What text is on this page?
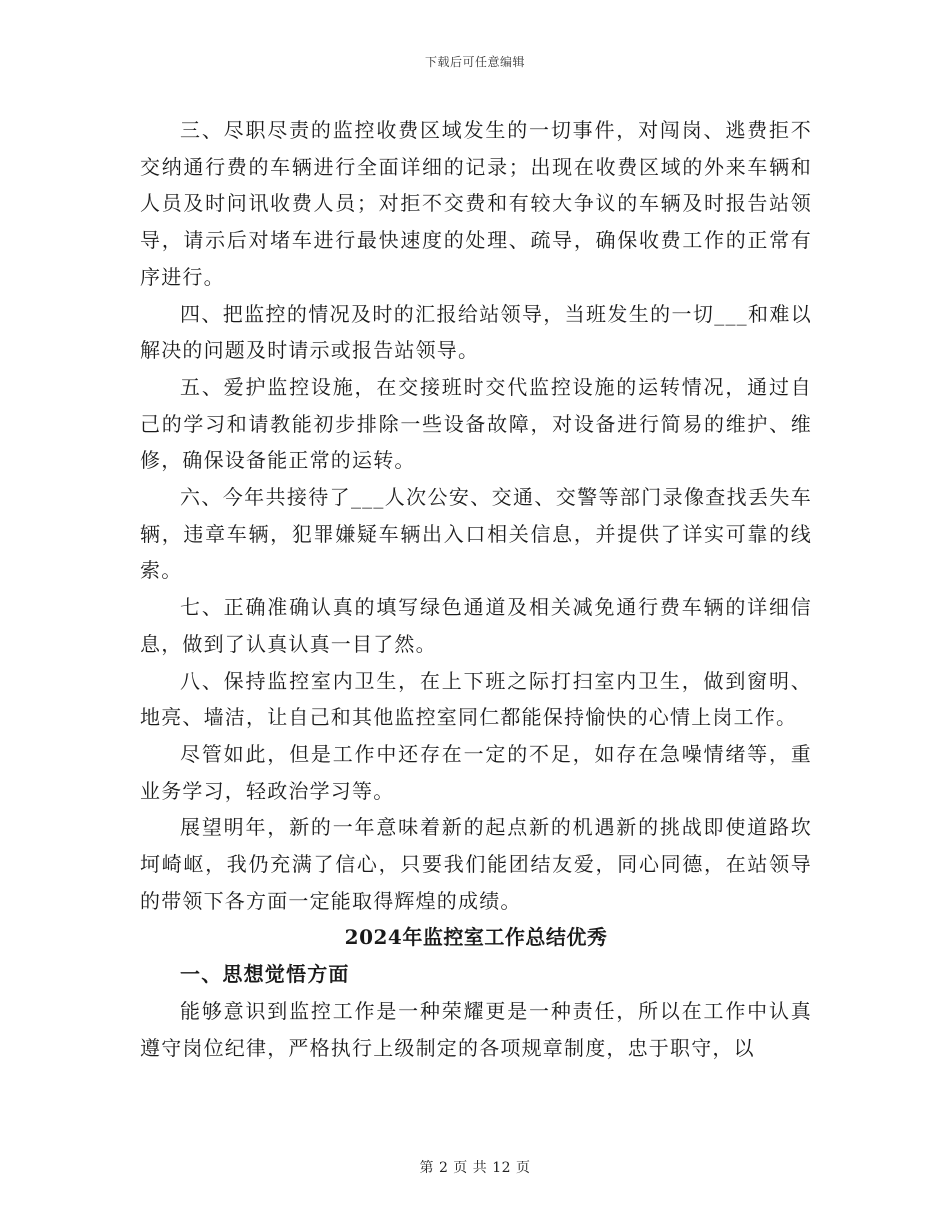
下载后可任意编辑

三、尽职尽责的监控收费区域发生的一切事件，对闯岗、逃费拒不交纳通行费的车辆进行全面详细的记录；出现在收费区域的外来车辆和人员及时问讯收费人员；对拒不交费和有较大争议的车辆及时报告站领导，请示后对堵车进行最快速度的处理、疏导，确保收费工作的正常有序进行。

四、把监控的情况及时的汇报给站领导，当班发生的一切___和难以解决的问题及时请示或报告站领导。

五、爱护监控设施，在交接班时交代监控设施的运转情况，通过自己的学习和请教能初步排除一些设备故障，对设备进行简易的维护、维修，确保设备能正常的运转。

六、今年共接待了___人次公安、交通、交警等部门录像查找丢失车辆，违章车辆，犯罪嫌疑车辆出入口相关信息，并提供了详实可靠的线索。

七、正确准确认真的填写绿色通道及相关减免通行费车辆的详细信息，做到了认真认真一目了然。

八、保持监控室内卫生，在上下班之际打扫室内卫生，做到窗明、地亮、墙洁，让自己和其他监控室同仁都能保持愉快的心情上岗工作。

尽管如此，但是工作中还存在一定的不足，如存在急噪情绪等，重业务学习，轻政治学习等。

展望明年，新的一年意味着新的起点新的机遇新的挑战即使道路坎坷崎岖，我仍充满了信心，只要我们能团结友爱，同心同德，在站领导的带领下各方面一定能取得辉煌的成绩。

2024年监控室工作总结优秀

一、思想觉悟方面

能够意识到监控工作是一种荣耀更是一种责任，所以在工作中认真遵守岗位纪律，严格执行上级制定的各项规章制度，忠于职守，以

第 2 页 共 12 页
